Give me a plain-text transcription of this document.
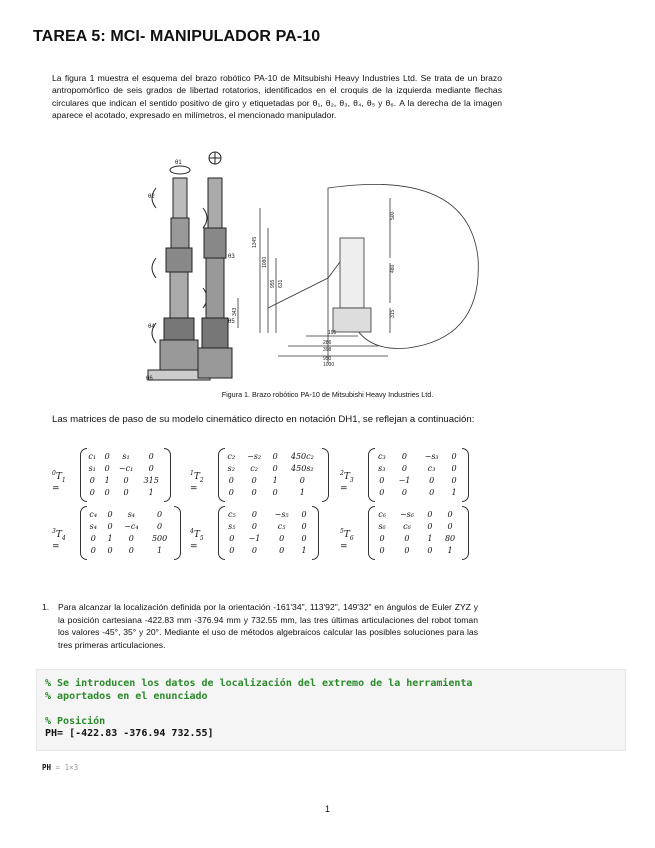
TAREA 5: MCI- MANIPULADOR PA-10
La figura 1 muestra el esquema del brazo robótico PA-10 de Mitsubishi Heavy Industries Ltd. Se trata de un brazo antropomórfico de seis grados de libertad rotatorios, identificados en el croquis de la izquierda mediante flechas circulares que indican el sentido positivo de giro y etiquetadas por θ₁, θ₂, θ₃, θ₄, θ₅ y θ₆. A la derecha de la imagen aparece el acotado, expresado en milímetros, el mencionado manipulador.
1345
1080
955 631
343
500
480
315
195
286
398
950
1000
θ1
θ2
θ3
θ4
θ5
θ6
Figura 1. Brazo robótico PA-10 de Mitsubishi Heavy Industries Ltd.
Las matrices de paso de su modelo cinemático directo en notación DH1, se reflejan a continuación:
$^0T_1$ =
c₁	0	s₁	0
s₁	0	−c₁	0
0	1	0	315
0	0	0	1
$^1T_2$ =
c₂	−s₂	0	450c₂
s₂	c₂	0	450s₂
0	0	1	0
0	0	0	1
$^2T_3$ =
c₃	0	−s₃	0
s₃	0	c₃	0
0	−1	0	0
0	0	0	1
$^3T_4$ =
c₄	0	s₄	0
s₄	0	−c₄	0
0	1	0	500
0	0	0	1
$^4T_5$ =
c₅	0	−s₅	0
s₅	0	c₅	0
0	−1	0	0
0	0	0	1
$^5T_6$ =
c₆	−s₆	0	0
s₆	c₆	0	0
0	0	1	80
0	0	0	1
1. Para alcanzar la localización definida por la orientación -161'34", 113'92", 149'32" en ángulos de Euler ZYZ y la posición cartesiana -422.83 mm -376.94 mm y 732.55 mm, las tres últimas articulaciones del robot toman los valores -45°, 35° y 20°. Mediante el uso de métodos algebraicos calcular las posibles soluciones para las tres primeras articulaciones.
% Se introducen los datos de localización del extremo de la herramienta
% aportados en el enunciado
% Posición
PH= [-422.83 -376.94 732.55]
PH = 1×3
1
